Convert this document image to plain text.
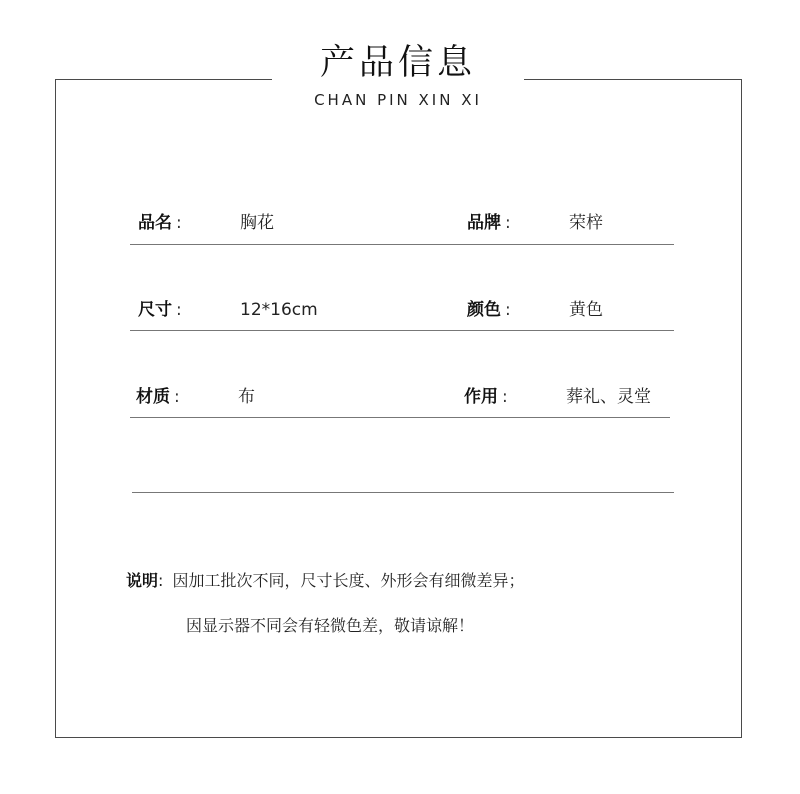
产品信息
CHAN PIN XIN XI
品名 :	胸花	品牌 :	荣梓
尺寸 :	12*16cm	颜色 :	黄色
材质 :	布	作用 :	葬礼、灵堂
说明: 因加工批次不同，尺寸长度、外形会有细微差异；
因显示器不同会有轻微色差，敬请谅解！
